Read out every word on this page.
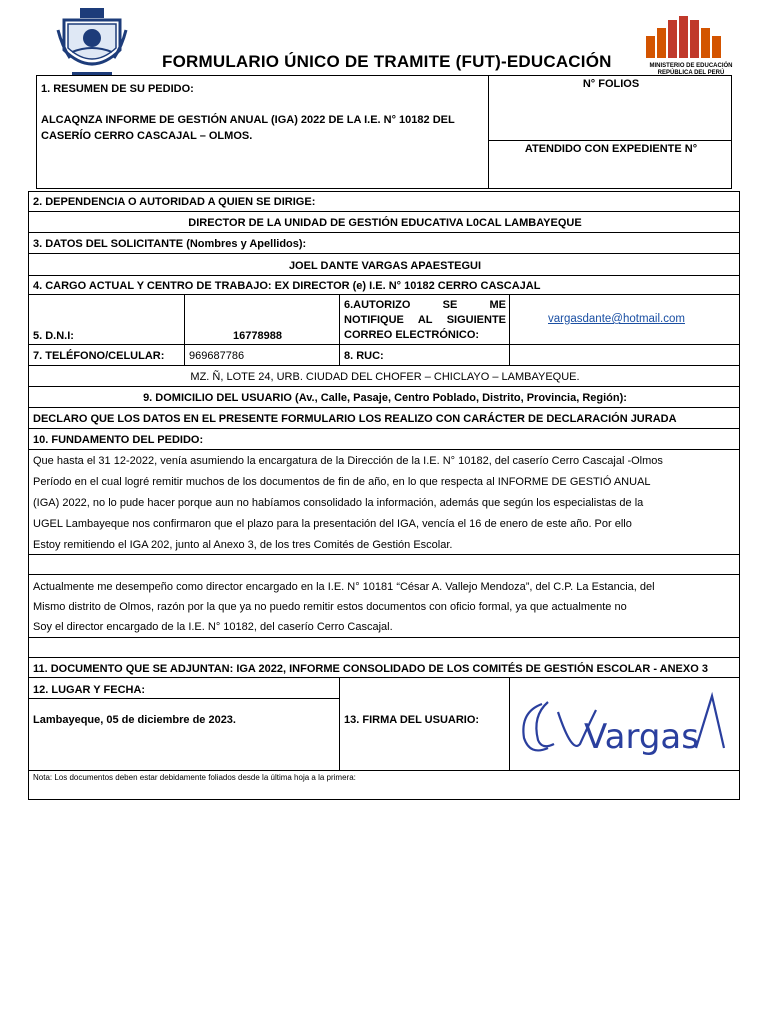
FORMULARIO ÚNICO DE TRAMITE (FUT)-EDUCACIÓN	MINISTERIO DE EDUCACIÓN
REPÚBLICA DEL PERÚ
1. RESUMEN DE SU PEDIDO:
ALCAQNZA INFORME DE GESTIÓN ANUAL (IGA) 2022 DE LA I.E. N° 10182 DEL CASERÍO CERRO CASCAJAL – OLMOS.
N° FOLIOS
ATENDIDO CON EXPEDIENTE N°
2. DEPENDENCIA O AUTORIDAD A QUIEN SE DIRIGE:
DIRECTOR DE LA UNIDAD DE GESTIÓN EDUCATIVA L0CAL LAMBAYEQUE
3. DATOS DEL SOLICITANTE (Nombres y Apellidos):
JOEL DANTE VARGAS APAESTEGUI
4. CARGO ACTUAL Y CENTRO DE TRABAJO: EX DIRECTOR (e) I.E. N° 10182 CERRO CASCAJAL
5. D.N.I:	16778988
6.AUTORIZO SE ME
NOTIFIQUE AL SIGUIENTE
CORREO ELECTRÓNICO:
vargasdante@hotmail.com
7. TELÉFONO/CELULAR: 969687786	8. RUC:
MZ. Ñ, LOTE 24, URB. CIUDAD DEL CHOFER – CHICLAYO – LAMBAYEQUE.
9. DOMICILIO DEL USUARIO (Av., Calle, Pasaje, Centro Poblado, Distrito, Provincia, Región):
DECLARO QUE LOS DATOS EN EL PRESENTE FORMULARIO LOS REALIZO CON CARÁCTER DE DECLARACIÓN JURADA
10. FUNDAMENTO DEL PEDIDO:
Que hasta el 31 12-2022, venía asumiendo la encargatura de la Dirección de la I.E. N° 10182, del caserío Cerro Cascajal -Olmos
Período en el cual logré remitir muchos de los documentos de fin de año, en lo que respecta al INFORME DE GESTIÓ ANUAL
(IGA) 2022, no lo pude hacer porque aun no habíamos consolidado la información, además que según los especialistas de la
UGEL Lambayeque nos confirmaron que el plazo para la presentación del IGA, vencía el 16 de enero de este año. Por ello
Estoy remitiendo el IGA 202, junto al Anexo 3, de los tres Comités de Gestión Escolar.
Actualmente me desempeño como director encargado en la I.E. N° 10181 “César A. Vallejo Mendoza”, del C.P. La Estancia, del
Mismo distrito de Olmos, razón por la que ya no puedo remitir estos documentos con oficio formal, ya que actualmente no
Soy el director encargado de la I.E. N° 10182, del caserío Cerro Cascajal.
11. DOCUMENTO QUE SE ADJUNTAN: IGA 2022, INFORME CONSOLIDADO DE LOS COMITÉS DE GESTIÓN ESCOLAR - ANEXO 3
12. LUGAR Y FECHA:
Lambayeque, 05 de diciembre de 2023.	13. FIRMA DEL USUARIO:	Vargas
Nota: Los documentos deben estar debidamente foliados desde la última hoja a la primera:
